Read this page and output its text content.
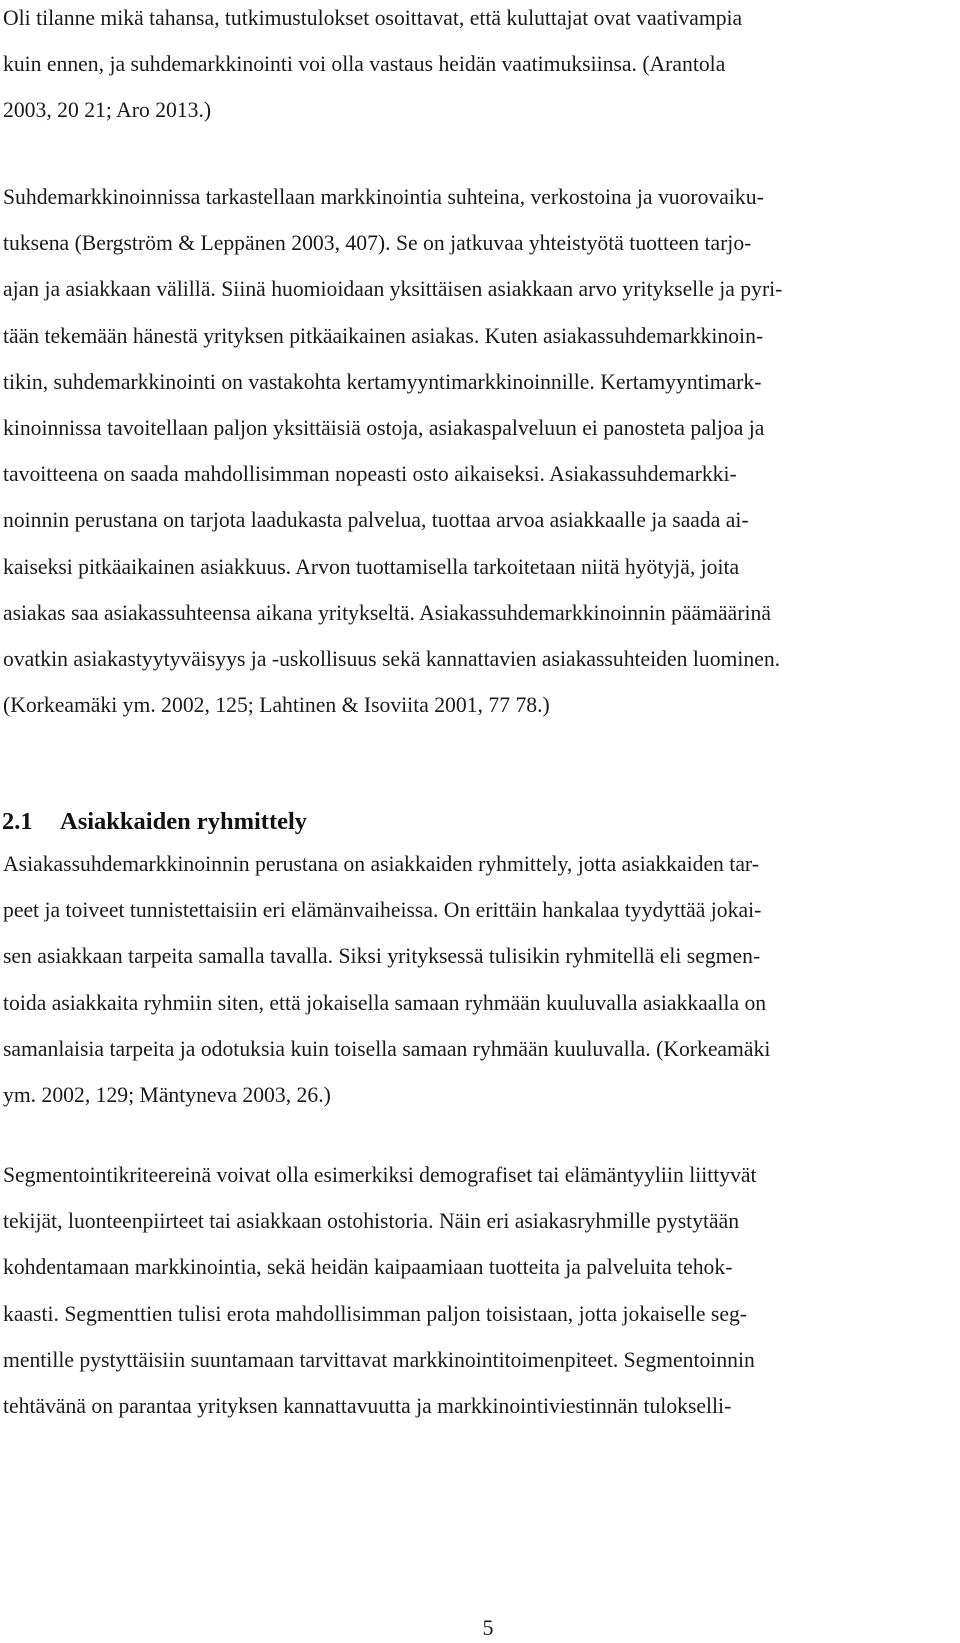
Oli tilanne mikä tahansa, tutkimustulokset osoittavat, että kuluttajat ovat vaativampia
kuin ennen, ja suhdemarkkinointi voi olla vastaus heidän vaatimuksiinsa. (Arantola
2003, 20 21; Aro 2013.)
Suhdemarkkinoinnissa tarkastellaan markkinointia suhteina, verkostoina ja vuorovaiku-
tuksena (Bergström & Leppänen 2003, 407). Se on jatkuvaa yhteistyötä tuotteen tarjo-
ajan ja asiakkaan välillä. Siinä huomioidaan yksittäisen asiakkaan arvo yritykselle ja pyri-
tään tekemään hänestä yrityksen pitkäaikainen asiakas. Kuten asiakassuhdemarkkinoin-
tikin, suhdemarkkinointi on vastakohta kertamyyntimarkkinoinnille. Kertamyyntimark-
kinoinnissa tavoitellaan paljon yksittäisiä ostoja, asiakaspalveluun ei panosteta paljoa ja
tavoitteena on saada mahdollisimman nopeasti osto aikaiseksi. Asiakassuhdemarkki-
noinnin perustana on tarjota laadukasta palvelua, tuottaa arvoa asiakkaalle ja saada ai-
kaiseksi pitkäaikainen asiakkuus. Arvon tuottamisella tarkoitetaan niitä hyötyjä, joita
asiakas saa asiakassuhteensa aikana yritykseltä. Asiakassuhdemarkkinoinnin päämäärinä
ovatkin asiakastyytyväisyys ja -uskollisuus sekä kannattavien asiakassuhteiden luominen.
(Korkeamäki ym. 2002, 125; Lahtinen & Isoviita 2001, 77 78.)
2.1 Asiakkaiden ryhmittely
Asiakassuhdemarkkinoinnin perustana on asiakkaiden ryhmittely, jotta asiakkaiden tar-
peet ja toiveet tunnistettaisiin eri elämänvaiheissa. On erittäin hankalaa tyydyttää jokai-
sen asiakkaan tarpeita samalla tavalla. Siksi yrityksessä tulisikin ryhmitellä eli segmen-
toida asiakkaita ryhmiin siten, että jokaisella samaan ryhmään kuuluvalla asiakkaalla on
samanlaisia tarpeita ja odotuksia kuin toisella samaan ryhmään kuuluvalla. (Korkeamäki
ym. 2002, 129; Mäntyneva 2003, 26.)
Segmentointikriteereinä voivat olla esimerkiksi demografiset tai elämäntyyliin liittyvät
tekijät, luonteenpiirteet tai asiakkaan ostohistoria. Näin eri asiakasryhmille pystytään
kohdentamaan markkinointia, sekä heidän kaipaamiaan tuotteita ja palveluita tehok-
kaasti. Segmenttien tulisi erota mahdollisimman paljon toisistaan, jotta jokaiselle seg-
mentille pystyttäisiin suuntamaan tarvittavat markkinointitoimenpiteet. Segmentoinnin
tehtävänä on parantaa yrityksen kannattavuutta ja markkinointiviestinnän tulokselli-
5
